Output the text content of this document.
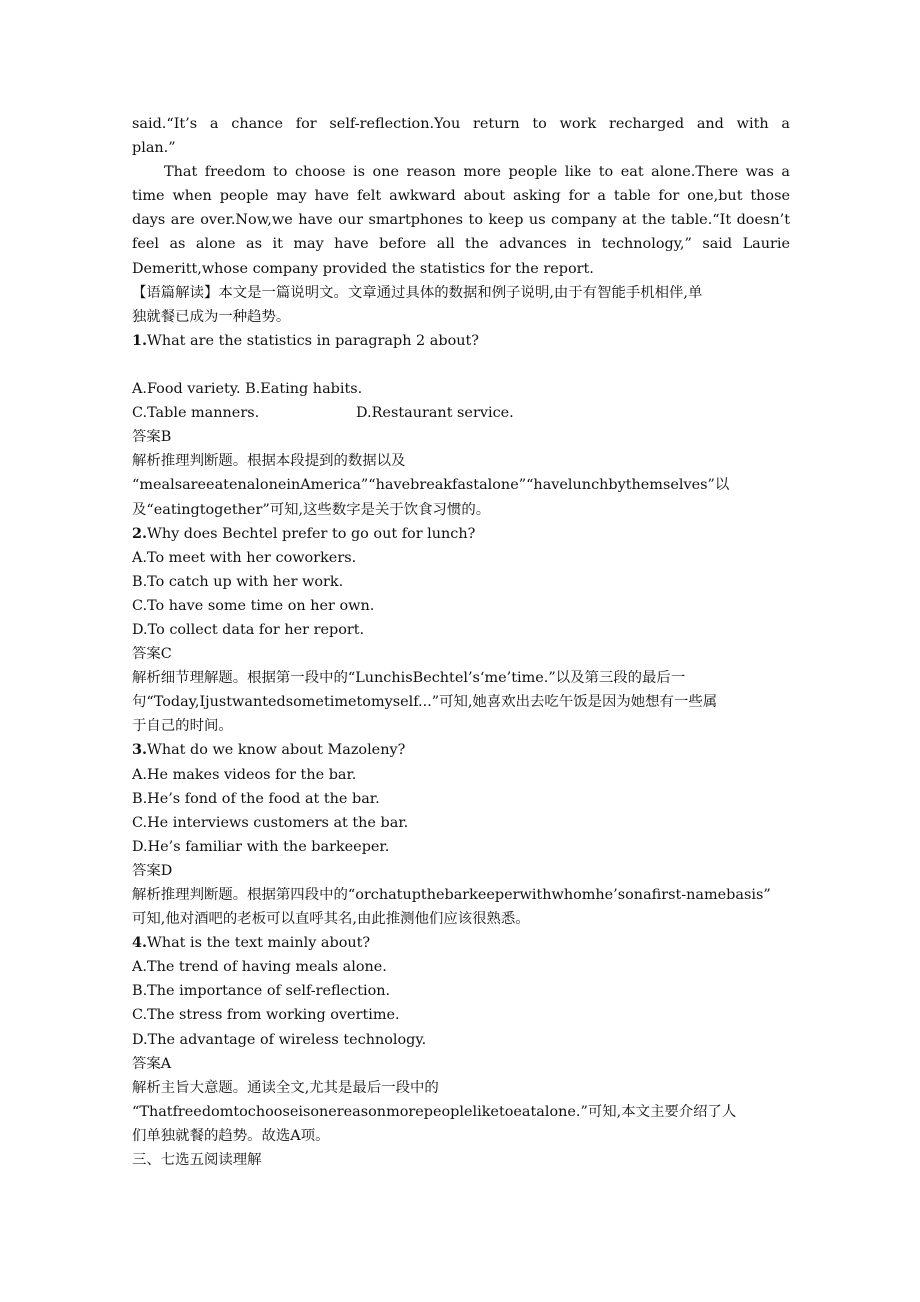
said.“It’s a chance for self-reflection.You return to work recharged and with a
plan.”
That freedom to choose is one reason more people like to eat alone.There was a
time when people may have felt awkward about asking for a table for one,but those
days are over.Now,we have our smartphones to keep us company at the table.“It doesn’t
feel as alone as it may have before all the advances in technology,” said Laurie
Demeritt,whose company provided the statistics for the report.
【语篇解读】本文是一篇说明文。文章通过具体的数据和例子说明,由于有智能手机相伴,单
独就餐已成为一种趋势。
1.What are the statistics in paragraph 2 about?
A.Food variety. B.Eating habits.
C.Table manners.	D.Restaurant service.
答案B
解析推理判断题。根据本段提到的数据以及
“mealsareeatenaloneinAmerica”“havebreakfastalone”“havelunchbythemselves”以
及“eatingtogether”可知,这些数字是关于饮食习惯的。
2.Why does Bechtel prefer to go out for lunch?
A.To meet with her coworkers.
B.To catch up with her work.
C.To have some time on her own.
D.To collect data for her report.
答案C
解析细节理解题。根据第一段中的“LunchisBechtel’s‘me’time.”以及第三段的最后一
句“Today,Ijustwantedsometimetomyself...”可知,她喜欢出去吃午饭是因为她想有一些属
于自己的时间。
3.What do we know about Mazoleny?
A.He makes videos for the bar.
B.He’s fond of the food at the bar.
C.He interviews customers at the bar.
D.He’s familiar with the barkeeper.
答案D
解析推理判断题。根据第四段中的“orchatupthebarkeeperwithwhomhe’sonafirst-namebasis”
可知,他对酒吧的老板可以直呼其名,由此推测他们应该很熟悉。
4.What is the text mainly about?
A.The trend of having meals alone.
B.The importance of self-reflection.
C.The stress from working overtime.
D.The advantage of wireless technology.
答案A
解析主旨大意题。通读全文,尤其是最后一段中的
“Thatfreedomtochooseisonereasonmorepeopleliketoeatalone.”可知,本文主要介绍了人
们单独就餐的趋势。故选A项。
三、七选五阅读理解
